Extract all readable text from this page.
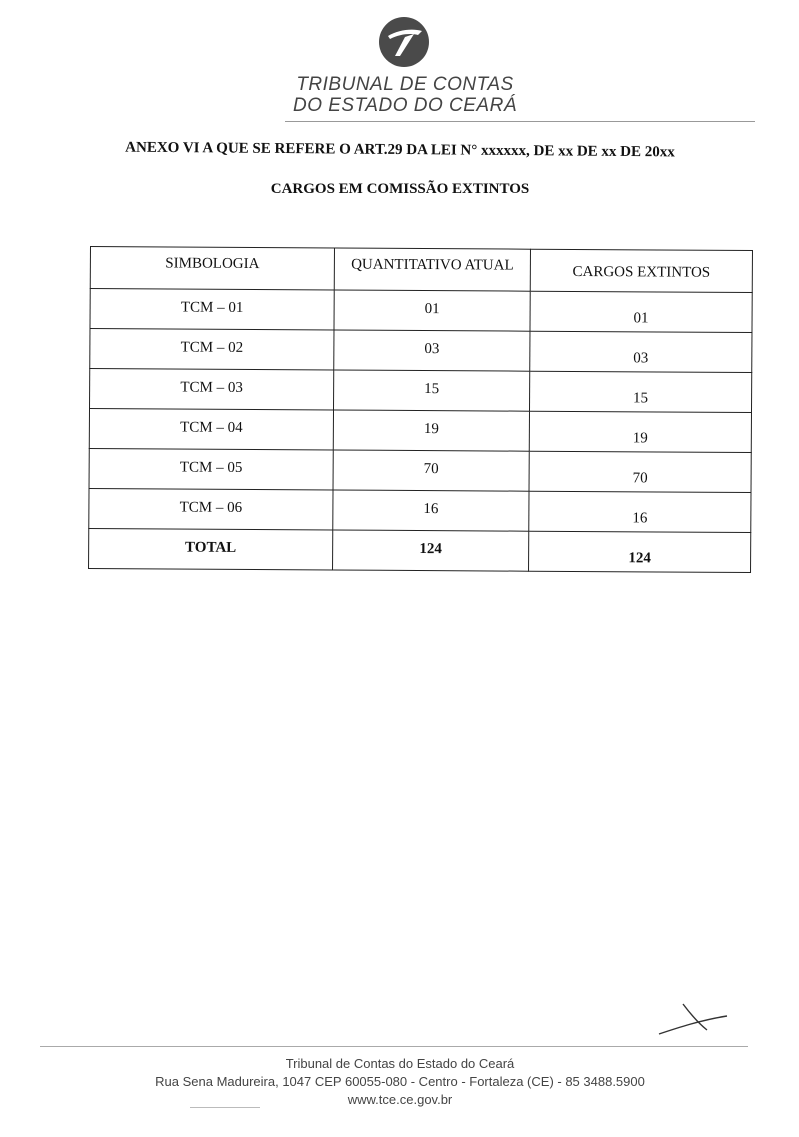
TRIBUNAL DE CONTAS
DO ESTADO DO CEARÁ
ANEXO VI A QUE SE REFERE O ART.29 DA LEI N° xxxxxx, DE xx DE xx DE 20xx
CARGOS EM COMISSÃO EXTINTOS
SIMBOLOGIA	QUANTITATIVO ATUAL	CARGOS EXTINTOS
TCM – 01	01	01
TCM – 02	03	03
TCM – 03	15	15
TCM – 04	19	19
TCM – 05	70	70
TCM – 06	16	16
TOTAL	124	124
Tribunal de Contas do Estado do Ceará
Rua Sena Madureira, 1047 CEP 60055-080 - Centro - Fortaleza (CE) - 85 3488.5900
www.tce.ce.gov.br
